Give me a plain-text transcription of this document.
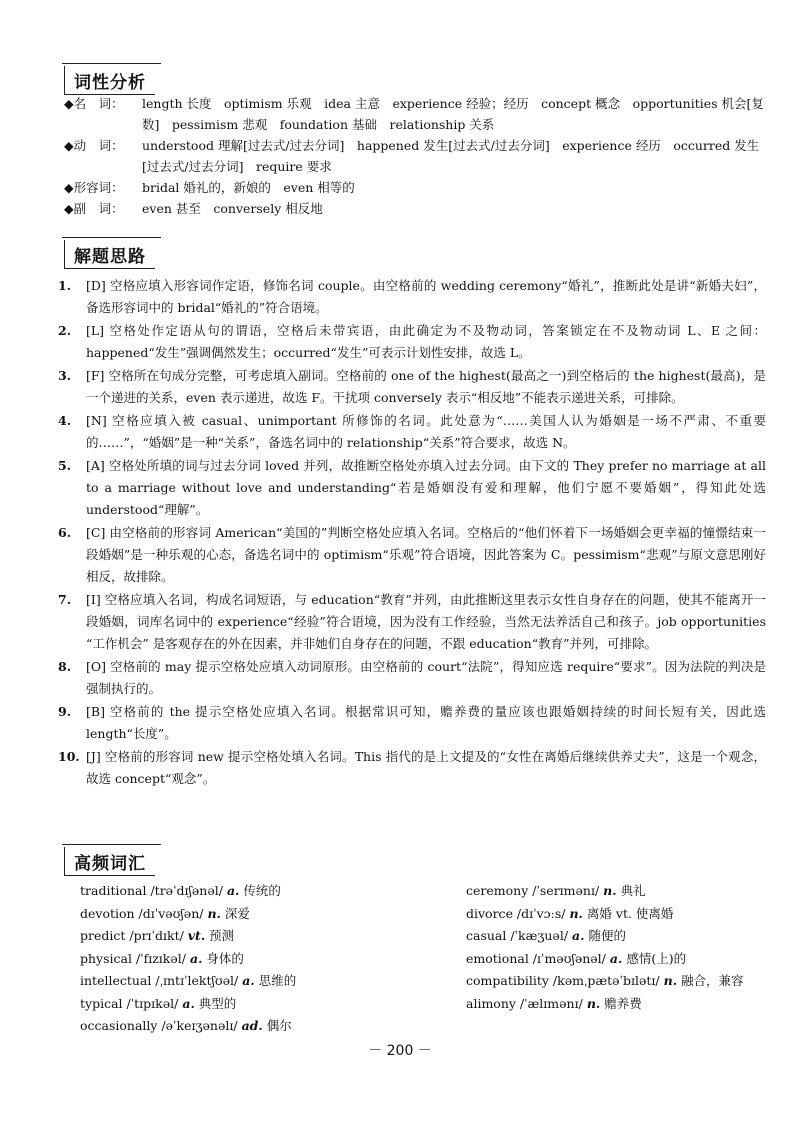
词性分析
◆名　词：	length 长度　optimism 乐观　idea 主意　experience 经验；经历　concept 概念　opportunities 机会[复数]　pessimism 悲观　foundation 基础　relationship 关系
◆动　词：	understood 理解[过去式/过去分词]　happened 发生[过去式/过去分词]　experience 经历　occurred 发生[过去式/过去分词]　require 要求
◆形容词：	bridal 婚礼的，新娘的　even 相等的
◆副　词：	even 甚至　conversely 相反地
解题思路
1.	[D] 空格应填入形容词作定语，修饰名词 couple。由空格前的 wedding ceremony“婚礼”，推断此处是讲“新婚夫妇”，备选形容词中的 bridal“婚礼的”符合语境。
2.	[L] 空格处作定语从句的谓语，空格后未带宾语，由此确定为不及物动词，答案锁定在不及物动词 L、E 之间：happened“发生”强调偶然发生；occurred“发生”可表示计划性安排，故选 L。
3.	[F] 空格所在句成分完整，可考虑填入副词。空格前的 one of the highest(最高之一)到空格后的 the highest(最高)，是一个递进的关系，even 表示递进，故选 F。干扰项 conversely 表示“相反地”不能表示递进关系，可排除。
4.	[N] 空格应填入被 casual、unimportant 所修饰的名词。此处意为“……美国人认为婚姻是一场不严肃、不重要的……”，“婚姻”是一种“关系”，备选名词中的 relationship“关系”符合要求，故选 N。
5.	[A] 空格处所填的词与过去分词 loved 并列，故推断空格处亦填入过去分词。由下文的 They prefer no marriage at all to a marriage without love and understanding“若是婚姻没有爱和理解，他们宁愿不要婚姻”，得知此处选 understood“理解”。
6.	[C] 由空格前的形容词 American“美国的”判断空格处应填入名词。空格后的“他们怀着下一场婚姻会更幸福的憧憬结束一段婚姻”是一种乐观的心态，备选名词中的 optimism“乐观”符合语境，因此答案为 C。pessimism“悲观”与原文意思刚好相反，故排除。
7.	[I] 空格应填入名词，构成名词短语，与 education“教育”并列，由此推断这里表示女性自身存在的问题，使其不能离开一段婚姻，词库名词中的 experience“经验”符合语境，因为没有工作经验，当然无法养活自己和孩子。job opportunities “工作机会” 是客观存在的外在因素，并非她们自身存在的问题，不跟 education“教育”并列，可排除。
8.	[O] 空格前的 may 提示空格处应填入动词原形。由空格前的 court“法院”，得知应选 require“要求”。因为法院的判决是强制执行的。
9.	[B] 空格前的 the 提示空格处应填入名词。根据常识可知，赡养费的量应该也跟婚姻持续的时间长短有关，因此选 length“长度”。
10. [J] 空格前的形容词 new 提示空格处填入名词。This 指代的是上文提及的“女性在离婚后继续供养丈夫”，这是一个观念，故选 concept“观念”。
高频词汇
traditional /trəˈdɪʃənəl/ a. 传统的
devotion /dɪˈvəʊʃən/ n. 深爱
predict /prɪˈdɪkt/ vt. 预测
physical /ˈfɪzɪkəl/ a. 身体的
intellectual /ˌɪntɪˈlektʃʊəl/ a. 思维的
typical /ˈtɪpɪkəl/ a. 典型的
occasionally /əˈkeɪʒənəlɪ/ ad. 偶尔
ceremony /ˈserɪmənɪ/ n. 典礼
divorce /dɪˈvɔːs/ n. 离婚 vt. 使离婚
casual /ˈkæʒuəl/ a. 随便的
emotional /ɪˈməʊʃənəl/ a. 感情(上)的
compatibility /kəmˌpætəˈbɪlətɪ/ n. 融合，兼容
alimony /ˈælɪmənɪ/ n. 赡养费
－ 200 －
